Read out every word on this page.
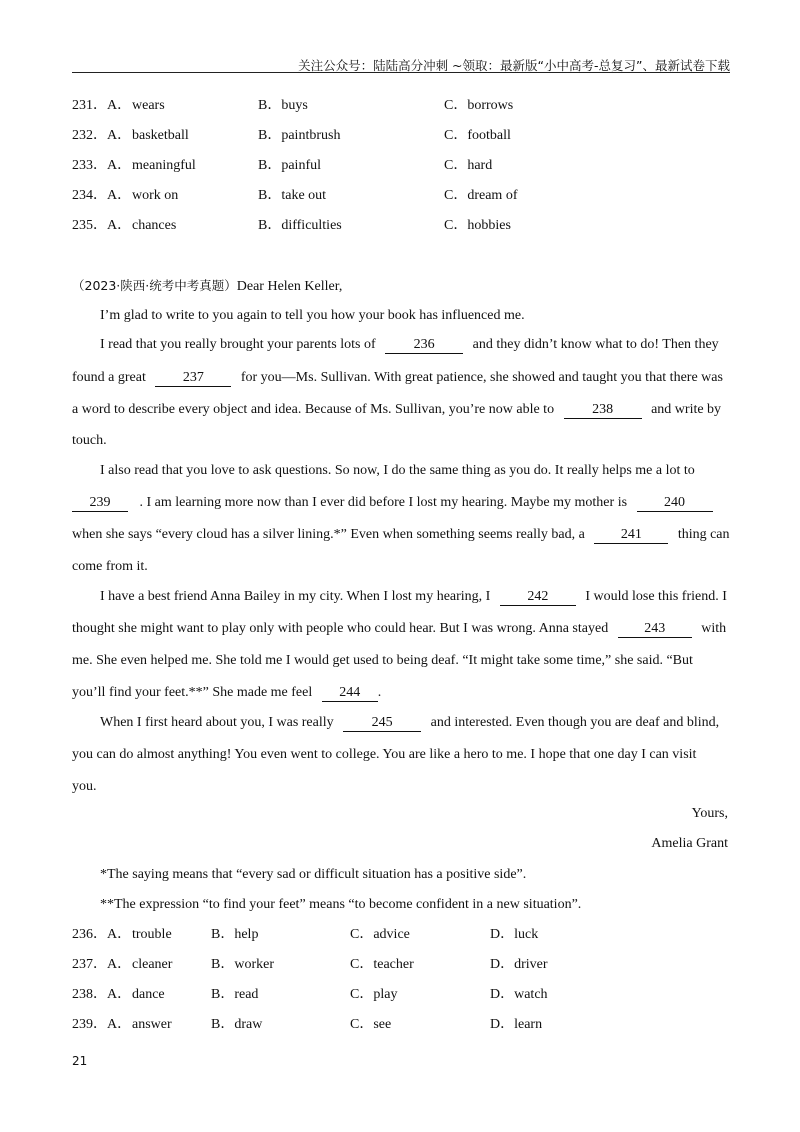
关注公众号：陆陆高分冲刺 ~领取：最新版“小中高考-总复习”、最新试卷下载
231．A． wears	B．buys	C．borrows
232．A． basketball	B．paintbrush	C．football
233．A． meaningful	B．painful	C．hard
234．A． work on	B．take out	C．dream of
235．A． chances	B．difficulties	C．hobbies
（2023·陕西·统考中考真题）Dear Helen Keller,
I’m glad to write to you again to tell you how your book has influenced me.
I read that you really brought your parents lots of	236	and they didn’t know what to do! Then they
found a great	237	for you—Ms. Sullivan. With great patience, she showed and taught you that there was
a word to describe every object and idea. Because of Ms. Sullivan, you’re now able to	238	and write by
touch.
I also read that you love to ask questions. So now, I do the same thing as you do. It really helps me a lot to
239 . I am learning more now than I ever did before I lost my hearing. Maybe my mother is	240
when she says “every cloud has a silver lining.*” Even when something seems really bad, a	241	thing can
come from it.
I have a best friend Anna Bailey in my city. When I lost my hearing, I	242	I would lose this friend. I
thought she might want to play only with people who could hear. But I was wrong. Anna stayed	243	with
me. She even helped me. She told me I would get used to being deaf. “It might take some time,” she said. “But
you’ll find your feet.**” She made me feel 244 .
When I first heard about you, I was really	245	and interested. Even though you are deaf and blind,
you can do almost anything! You even went to college. You are like a hero to me. I hope that one day I can visit
you.
Yours,
Amelia Grant
*The saying means that “every sad or difficult situation has a positive side”.
**The expression “to find your feet” means “to become confident in a new situation”.
236．A． trouble	B．help	C．advice	D．luck
237．A． cleaner	B．worker	C．teacher	D．driver
238．A． dance	B．read	C．play	D．watch
239．A． answer	B．draw	C．see	D．learn
21
